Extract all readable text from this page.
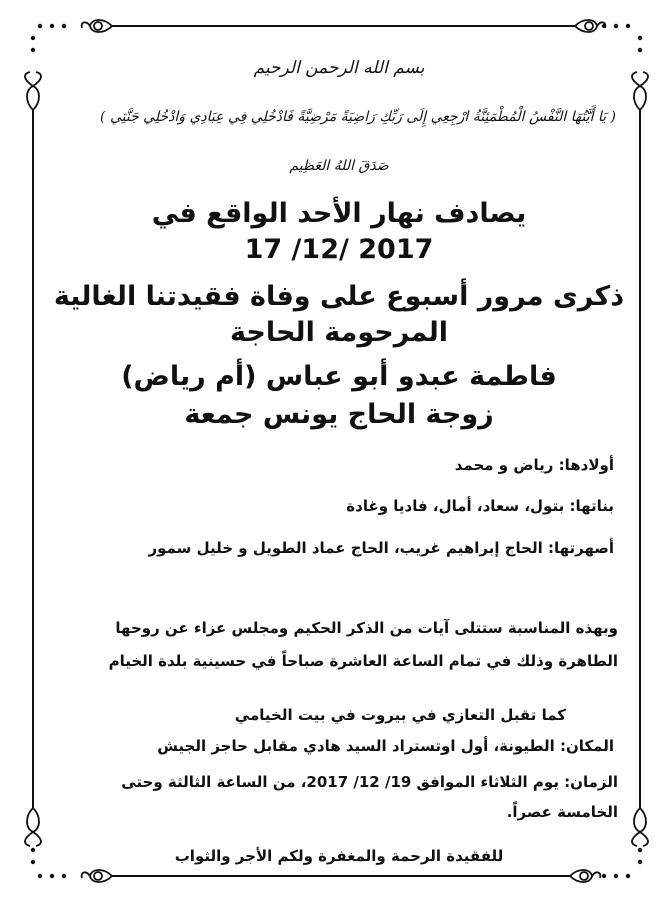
بسم الله الرحمن الرحيم
( يَا أَيَّتُهَا النَّفْسُ الْمُطْمَئِنَّةُ ارْجِعِي إِلَى رَبِّكِ رَاضِيَةً مَرْضِيَّةً فَادْخُلِي فِي عِبَادِي وَادْخُلِي جَنَّتِي )
صَدَقَ اللهُ العَظِيم
يصادف نهار الأحد الواقع في
17 /12/ 2017
ذكرى مرور أسبوع على وفاة فقيدتنا الغالية
المرحومة الحاجة
فاطمة عبدو أبو عباس (أم رياض)
زوجة الحاج يونس جمعة
أولادها: رياض و محمد
بناتها: بتول، سعاد، أمال، فاديا وغادة
أصهرتها: الحاج إبراهيم غريب، الحاج عماد الطويل و خليل سمور
وبهذه المناسبة ستتلى آيات من الذكر الحكيم ومجلس عزاء عن روحها الطاهرة وذلك في تمام الساعة العاشرة صباحاً في حسينية بلدة الخيام
كما تقبل التعازي في بيروت في بيت الخيامي
المكان: الطيونة، أول اوتستراد السيد هادي مقابل حاجز الجيش
الزمان: يوم الثلاثاء الموافق 19/ 12/ 2017، من الساعة الثالثة وحتى الخامسة عصراً.
للفقيدة الرحمة والمغفرة ولكم الأجر والثواب
